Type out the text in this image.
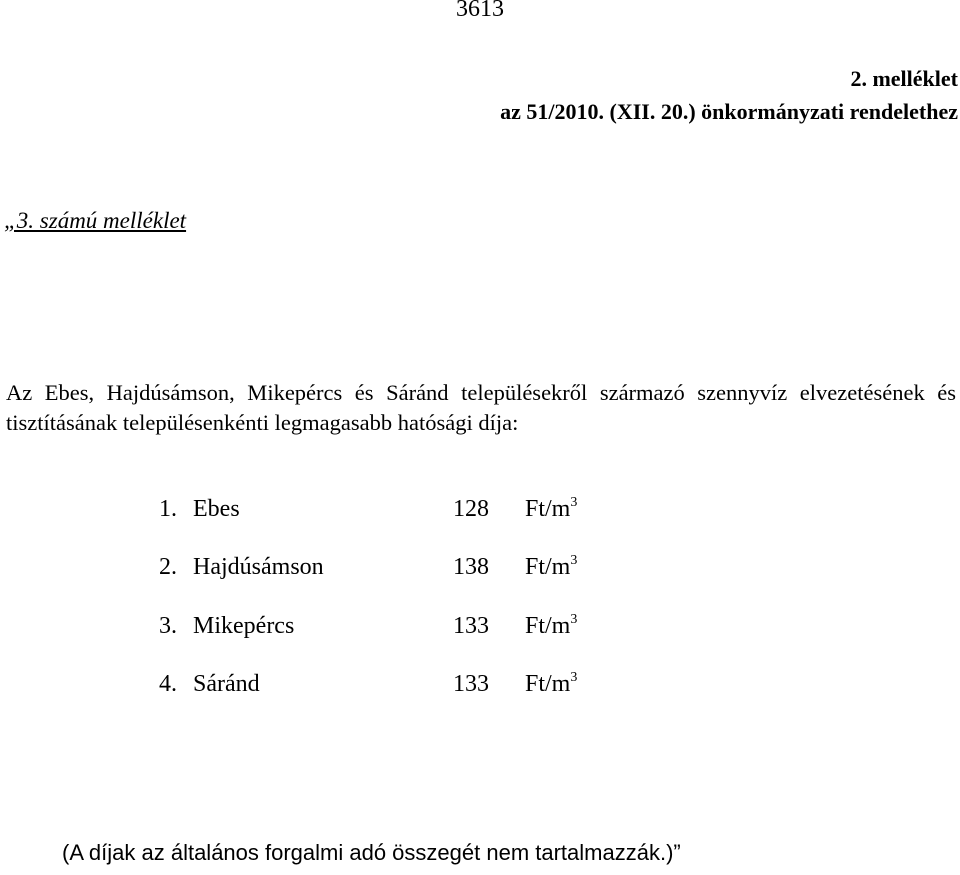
3613
2. melléklet
az 51/2010. (XII. 20.) önkormányzati rendelethez
„3. számú melléklet
Az Ebes, Hajdúsámson, Mikepércs és Sáránd településekről származó szennyvíz elvezetésének és tisztításának településenkénti legmagasabb hatósági díja:
1. Ebes	128 $Ft/m^3$
2. Hajdúsámson	138 $Ft/m^3$
3. Mikepércs	133 $Ft/m^3$
4. Sáránd	133 $Ft/m^3$
(A díjak az általános forgalmi adó összegét nem tartalmazzák.)”
